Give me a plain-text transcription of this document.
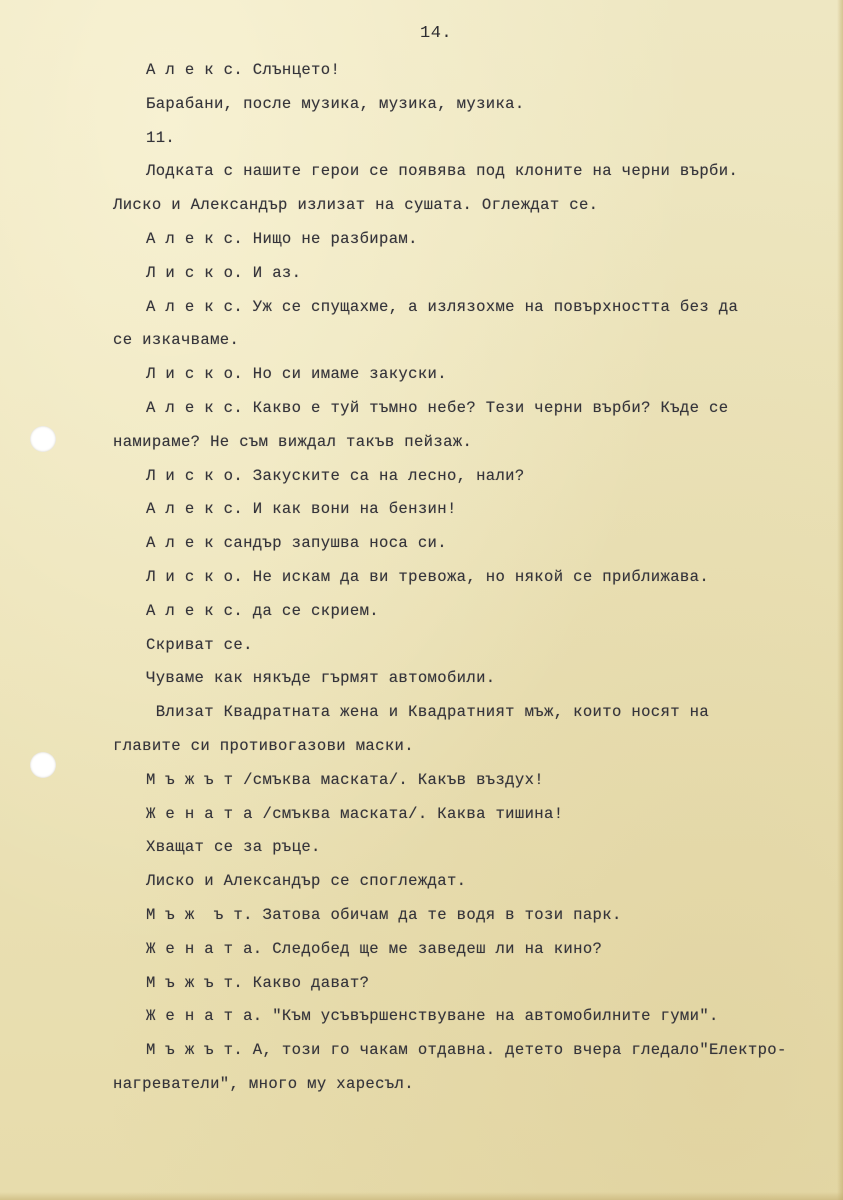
14.

А л е к с. Слънцето!
Барабани, после музика, музика, музика.
11.
Лодката с нашите герои се появява под клоните на черни върби.
Лиско и Александър излизат на сушата. Оглеждат се.
А л е к с. Нищо не разбирам.
Л и с к о. И аз.
А л е к с. Уж се спущахме, а излязохме на повърхността без да
се изкачваме.
Л и с к о. Но си имаме закуски.
А л е к с. Какво е туй тъмно небе? Тези черни върби? Къде се
намираме? Не съм виждал такъв пейзаж.
Л и с к о. Закуските са на лесно, нали?
А л е к с. И как вони на бензин!
А л е к сандър запушва носа си.
Л и с к о. Не искам да ви тревожа, но някой се приближава.
А л е к с. да се скрием.
Скриват се.
Чуваме как някъде гърмят автомобили.
Влизат Квадратната жена и Квадратният мъж, които носят на
главите си противогазови маски.
М ъ ж ъ т /смъква маската/. Какъв въздух!
Ж е н а т а /смъква маската/. Каква тишина!
Хващат се за ръце.
Лиско и Александър се споглеждат.
М ъ ж  ъ т. Затова обичам да те водя в този парк.
Ж е н а т а. Следобед ще ме заведеш ли на кино?
М ъ ж ъ т. Какво дават?
Ж е н а т а. "Към усъвършенствуване на автомобилните гуми".
М ъ ж ъ т. А, този го чакам отдавна. детето вчера гледало"Електро-
нагреватели", много му харесъл.
